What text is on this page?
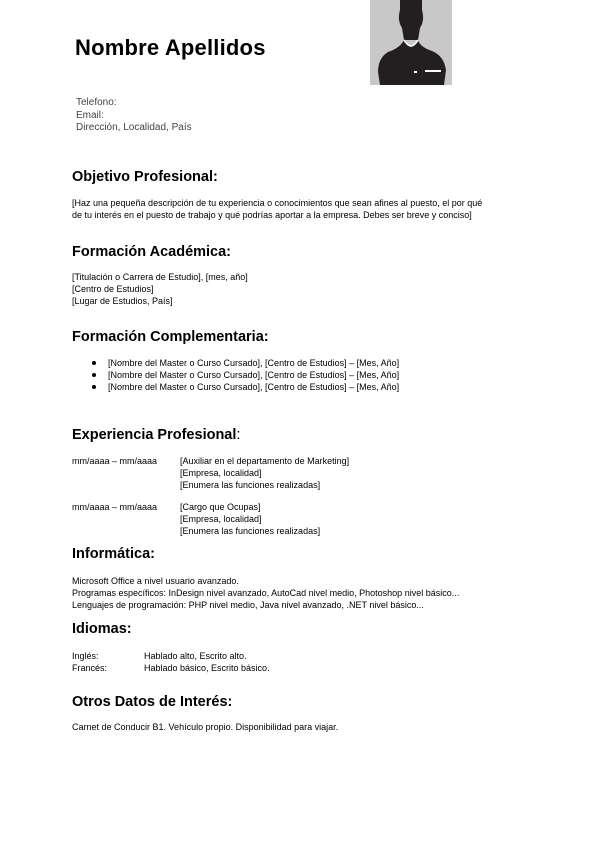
Nombre Apellidos
Telefono:
Email:
Dirección, Localidad, País
Objetivo Profesional:
[Haz una pequeña descripción de tu experiencia o conocimientos que sean afines al puesto, el por qué
de tu interés en el puesto de trabajo y qué podrías aportar a la empresa. Debes ser breve y conciso]
Formación Académica:
[Titulación o Carrera de Estudio], [mes, año]
[Centro de Estudios]
[Lugar de Estudios, País]
Formación Complementaria:
[Nombre del Master o Curso Cursado], [Centro de Estudios] – [Mes, Año]
[Nombre del Master o Curso Cursado], [Centro de Estudios] – [Mes, Año]
[Nombre del Master o Curso Cursado], [Centro de Estudios] – [Mes, Año]
Experiencia Profesional:
mm/aaaa – mm/aaaa	[Auxiliar en el departamento de Marketing]
[Empresa, localidad]
[Enumera las funciones realizadas]
mm/aaaa – mm/aaaa	[Cargo que Ocupas]
[Empresa, localidad]
[Enumera las funciones realizadas]
Informática:
Microsoft Office a nivel usuario avanzado.
Programas específicos: InDesign nivel avanzado, AutoCad nivel medio, Photoshop nivel básico...
Lenguajes de programación: PHP nivel medio, Java nivel avanzado, .NET nivel básico...
Idiomas:
Inglés:	Hablado alto, Escrito alto.
Francés:	Hablado básico, Escrito básico.
Otros Datos de Interés:
Carnet de Conducir B1. Vehículo propio. Disponibilidad para viajar.
